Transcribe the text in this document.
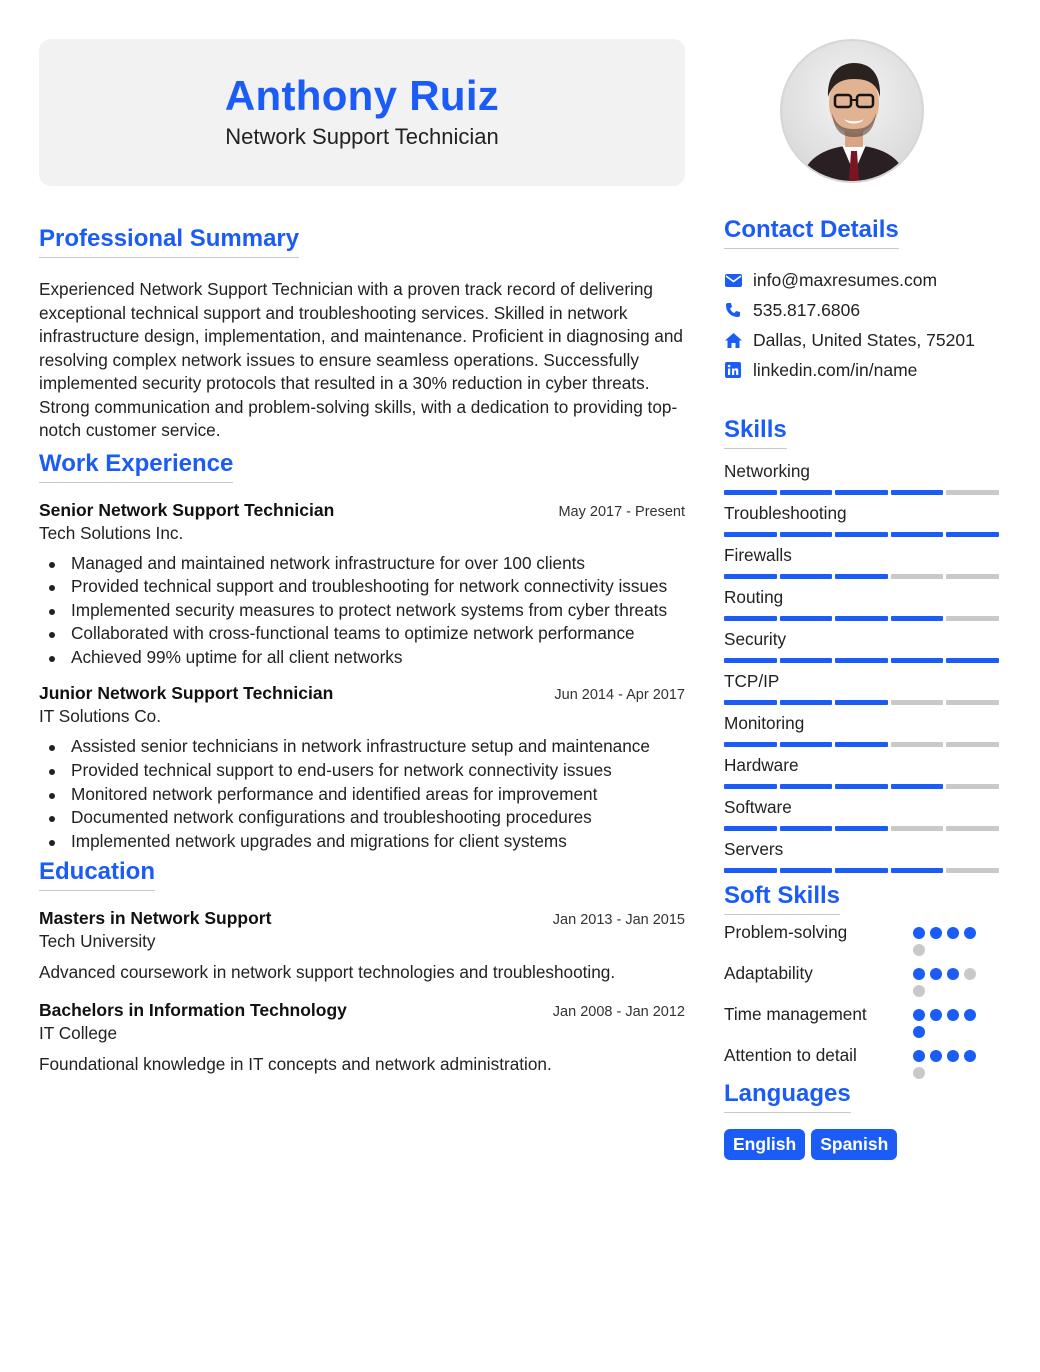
Anthony Ruiz
Network Support Technician
Professional Summary

Experienced Network Support Technician with a proven track record of delivering exceptional technical support and troubleshooting services. Skilled in network infrastructure design, implementation, and maintenance. Proficient in diagnosing and resolving complex network issues to ensure seamless operations. Successfully implemented security protocols that resulted in a 30% reduction in cyber threats. Strong communication and problem-solving skills, with a dedication to providing top-notch customer service.

Work Experience
Senior Network Support Technician	May 2017 - Present
Tech Solutions Inc.
Managed and maintained network infrastructure for over 100 clients
Provided technical support and troubleshooting for network connectivity issues
Implemented security measures to protect network systems from cyber threats
Collaborated with cross-functional teams to optimize network performance
Achieved 99% uptime for all client networks
Junior Network Support Technician	Jun 2014 - Apr 2017
IT Solutions Co.
Assisted senior technicians in network infrastructure setup and maintenance
Provided technical support to end-users for network connectivity issues
Monitored network performance and identified areas for improvement
Documented network configurations and troubleshooting procedures
Implemented network upgrades and migrations for client systems
Education
Masters in Network Support	Jan 2013 - Jan 2015
Tech University

Advanced coursework in network support technologies and troubleshooting.

Bachelors in Information Technology	Jan 2008 - Jan 2012
IT College

Foundational knowledge in IT concepts and network administration.

Contact Details
info@maxresumes.com
535.817.6806
Dallas, United States, 75201
linkedin.com/in/name
Skills
Networking
Troubleshooting
Firewalls
Routing
Security
TCP/IP
Monitoring
Hardware
Software
Servers
Soft Skills
Problem-solving
Adaptability
Time management
Attention to detail
Languages
English	Spanish
